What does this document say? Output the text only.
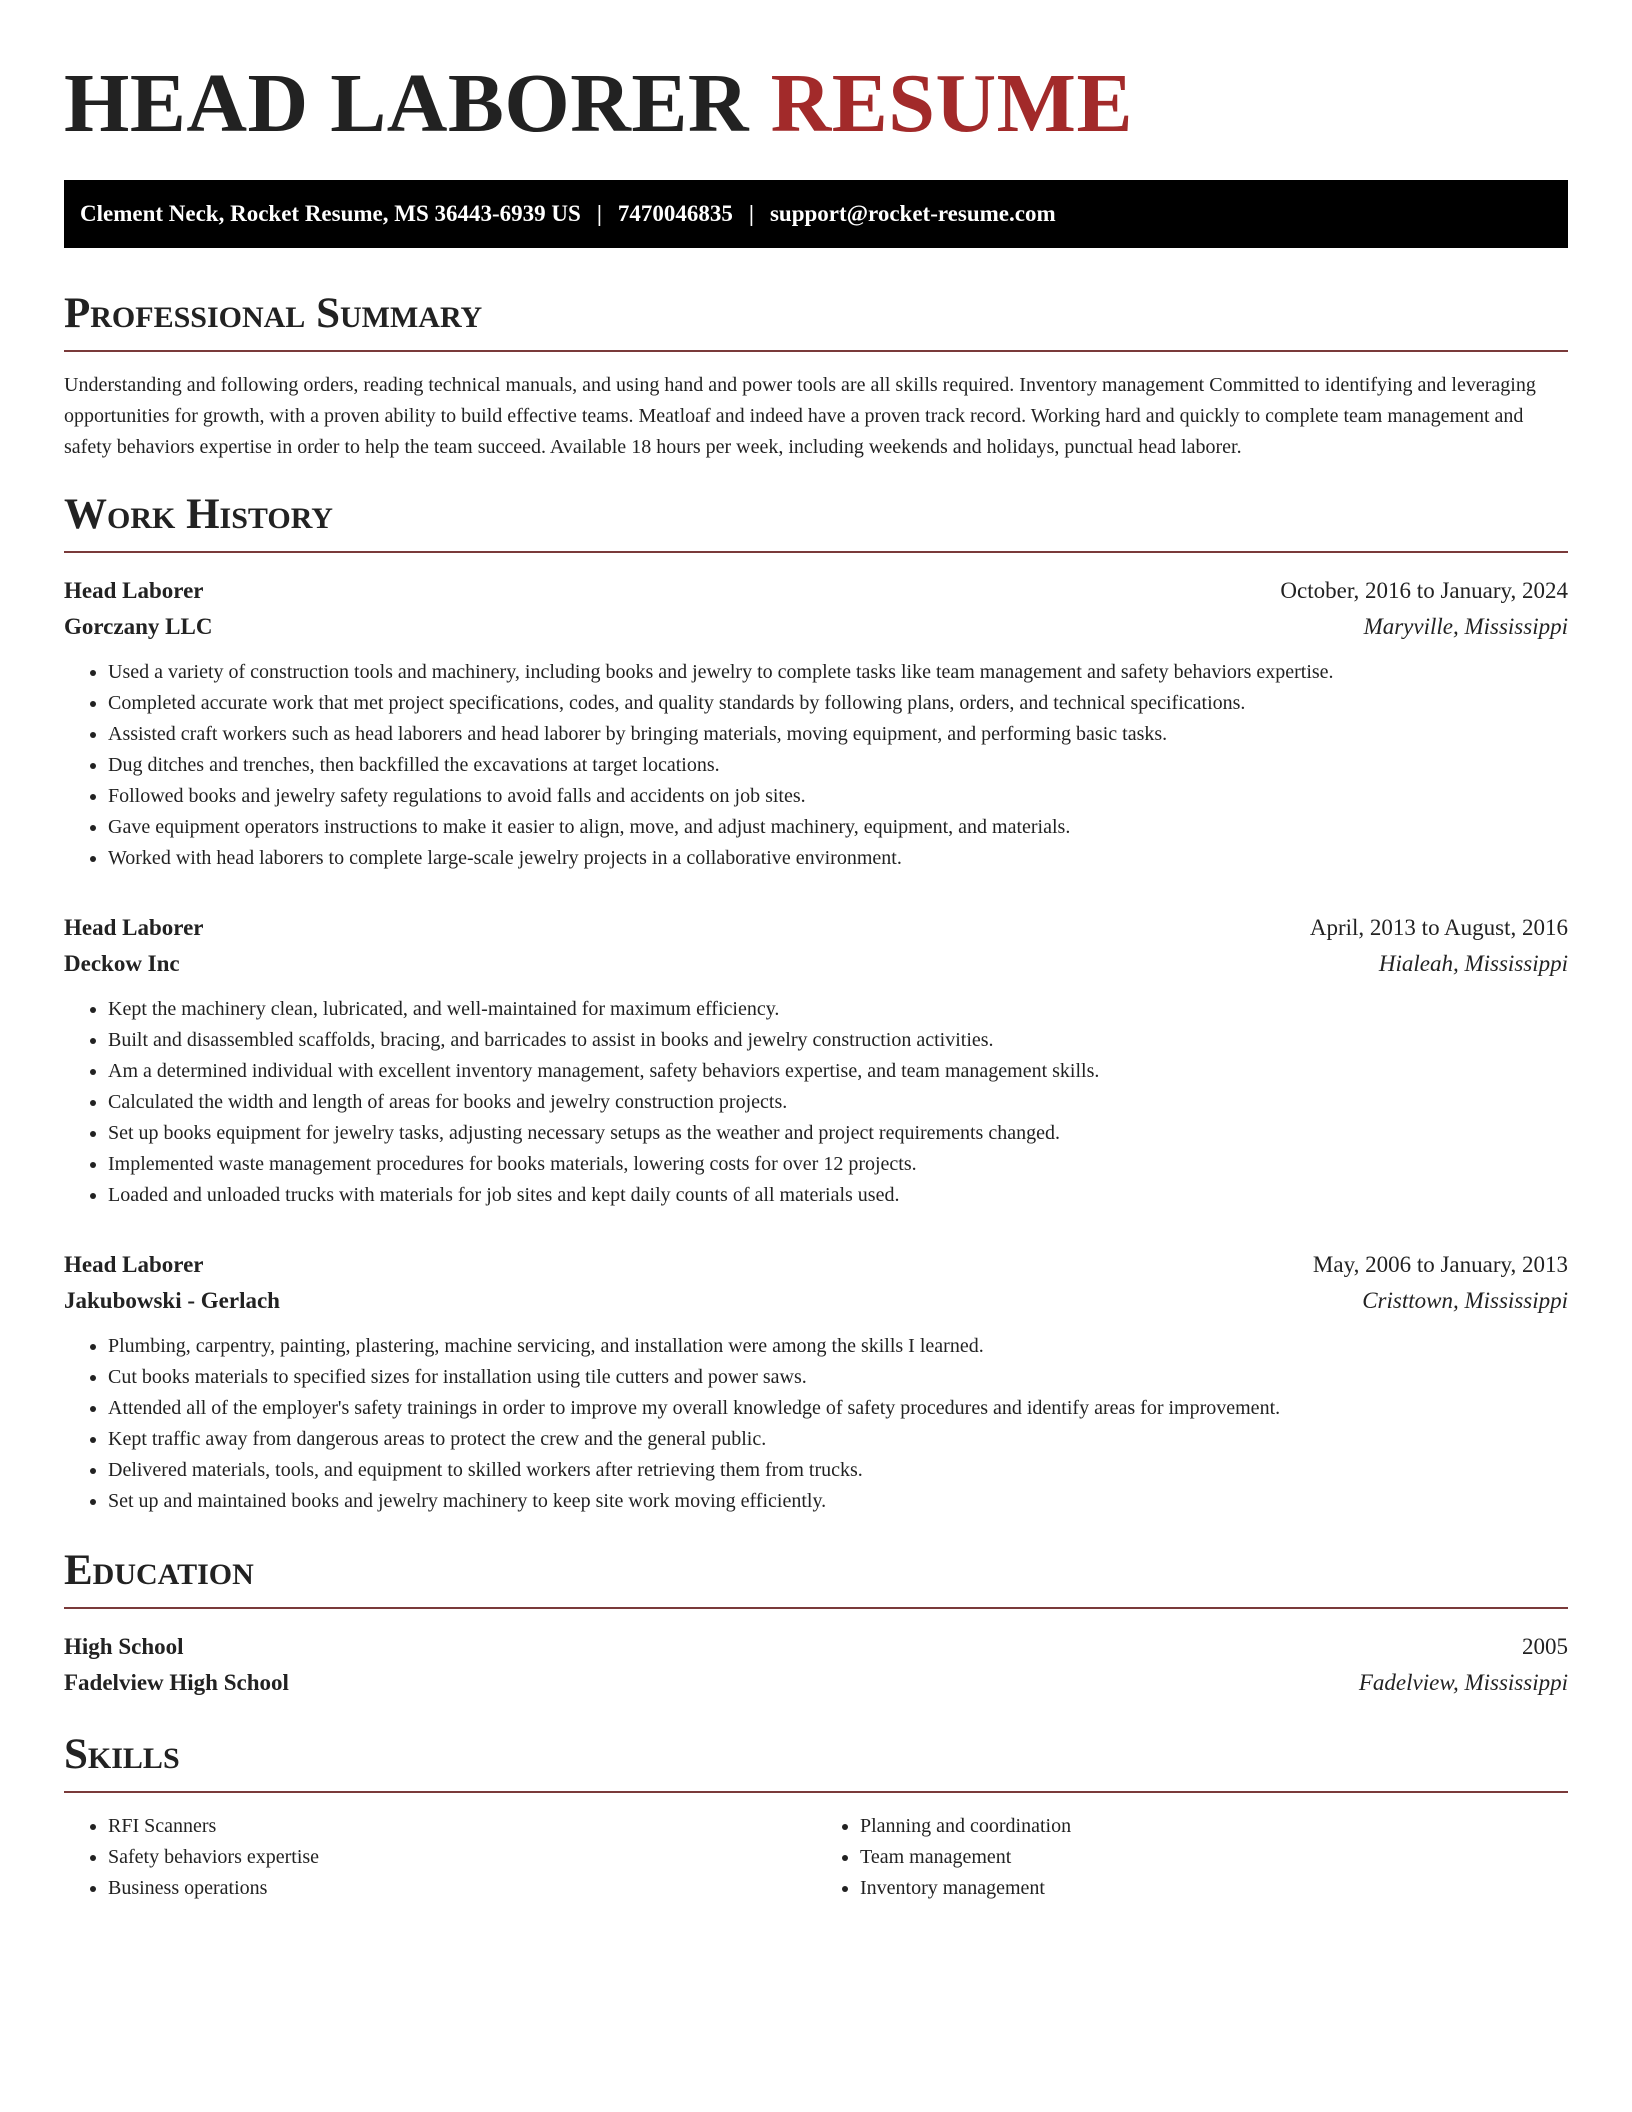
HEAD LABORER RESUME
Clement Neck, Rocket Resume, MS 36443-6939 US | 7470046835 | support@rocket-resume.com
Professional Summary

Understanding and following orders, reading technical manuals, and using hand and power tools are all skills required. Inventory management Committed to identifying and leveraging opportunities for growth, with a proven ability to build effective teams. Meatloaf and indeed have a proven track record. Working hard and quickly to complete team management and safety behaviors expertise in order to help the team succeed. Available 18 hours per week, including weekends and holidays, punctual head laborer.

Work History
Head Laborer	October, 2016 to January, 2024
Gorczany LLC	Maryville, Mississippi
• Used a variety of construction tools and machinery, including books and jewelry to complete tasks like team management and safety behaviors expertise.
• Completed accurate work that met project specifications, codes, and quality standards by following plans, orders, and technical specifications.
• Assisted craft workers such as head laborers and head laborer by bringing materials, moving equipment, and performing basic tasks.
• Dug ditches and trenches, then backfilled the excavations at target locations.
• Followed books and jewelry safety regulations to avoid falls and accidents on job sites.
• Gave equipment operators instructions to make it easier to align, move, and adjust machinery, equipment, and materials.
• Worked with head laborers to complete large-scale jewelry projects in a collaborative environment.
Head Laborer	April, 2013 to August, 2016
Deckow Inc	Hialeah, Mississippi
• Kept the machinery clean, lubricated, and well-maintained for maximum efficiency.
• Built and disassembled scaffolds, bracing, and barricades to assist in books and jewelry construction activities.
• Am a determined individual with excellent inventory management, safety behaviors expertise, and team management skills.
• Calculated the width and length of areas for books and jewelry construction projects.
• Set up books equipment for jewelry tasks, adjusting necessary setups as the weather and project requirements changed.
• Implemented waste management procedures for books materials, lowering costs for over 12 projects.
• Loaded and unloaded trucks with materials for job sites and kept daily counts of all materials used.
Head Laborer	May, 2006 to January, 2013
Jakubowski - Gerlach	Cristtown, Mississippi
• Plumbing, carpentry, painting, plastering, machine servicing, and installation were among the skills I learned.
• Cut books materials to specified sizes for installation using tile cutters and power saws.
• Attended all of the employer's safety trainings in order to improve my overall knowledge of safety procedures and identify areas for improvement.
• Kept traffic away from dangerous areas to protect the crew and the general public.
• Delivered materials, tools, and equipment to skilled workers after retrieving them from trucks.
• Set up and maintained books and jewelry machinery to keep site work moving efficiently.
Education
High School	2005
Fadelview High School	Fadelview, Mississippi
Skills
• RFI Scanners
• Safety behaviors expertise
• Business operations
• Planning and coordination
• Team management
• Inventory management
